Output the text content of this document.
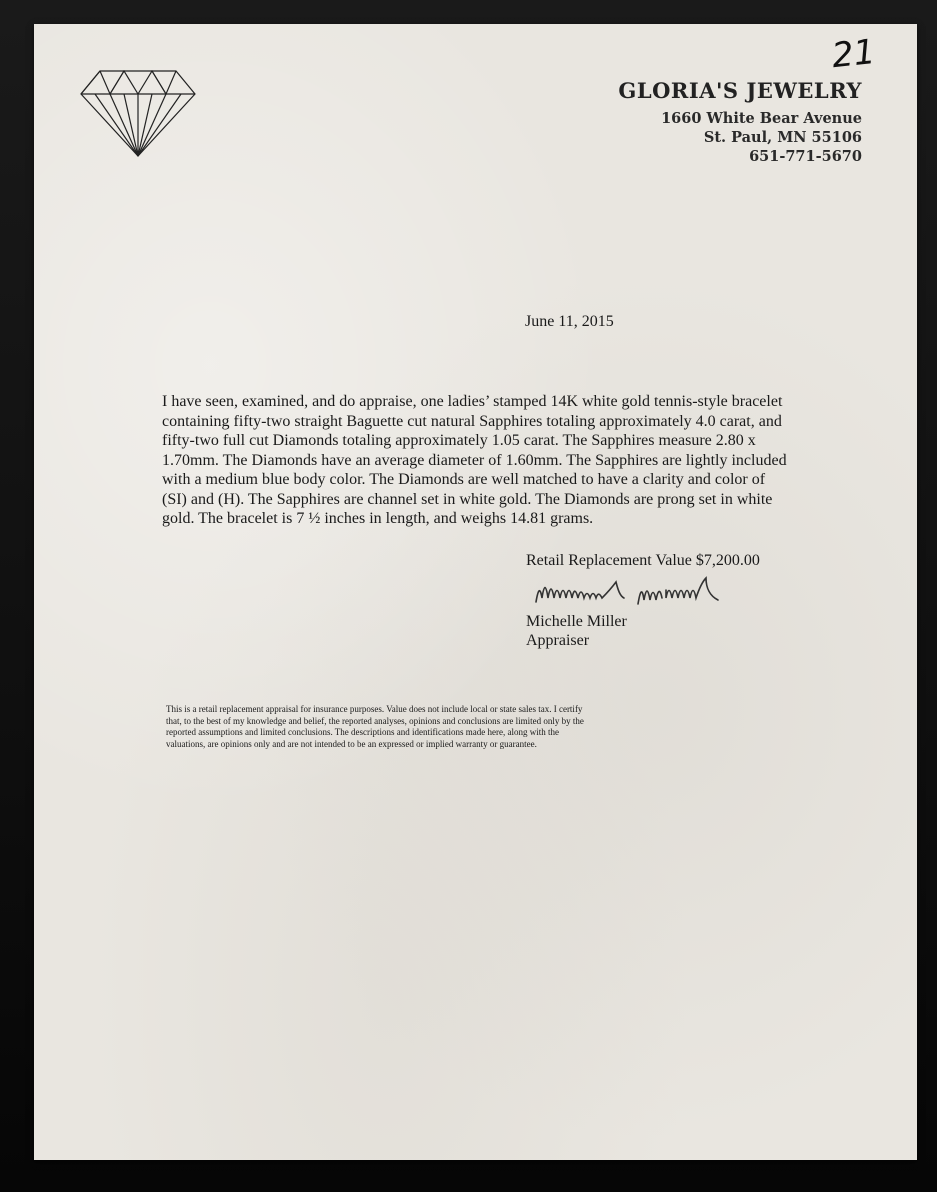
21
GLORIA'S JEWELRY
1660 White Bear Avenue
St. Paul, MN 55106
651-771-5670
June 11, 2015
I have seen, examined, and do appraise, one ladies’ stamped 14K white gold tennis-style bracelet containing fifty-two straight Baguette cut natural Sapphires totaling approximately 4.0 carat, and fifty-two full cut Diamonds totaling approximately 1.05 carat. The Sapphires measure 2.80 x 1.70mm. The Diamonds have an average diameter of 1.60mm. The Sapphires are lightly included with a medium blue body color. The Diamonds are well matched to have a clarity and color of (SI) and (H). The Sapphires are channel set in white gold. The Diamonds are prong set in white gold. The bracelet is 7 ½ inches in length, and weighs 14.81 grams.
Retail Replacement Value $7,200.00
Michelle Miller
Appraiser
This is a retail replacement appraisal for insurance purposes. Value does not include local or state sales tax. I certify that, to the best of my knowledge and belief, the reported analyses, opinions and conclusions are limited only by the reported assumptions and limited conclusions. The descriptions and identifications made here, along with the valuations, are opinions only and are not intended to be an expressed or implied warranty or guarantee.
